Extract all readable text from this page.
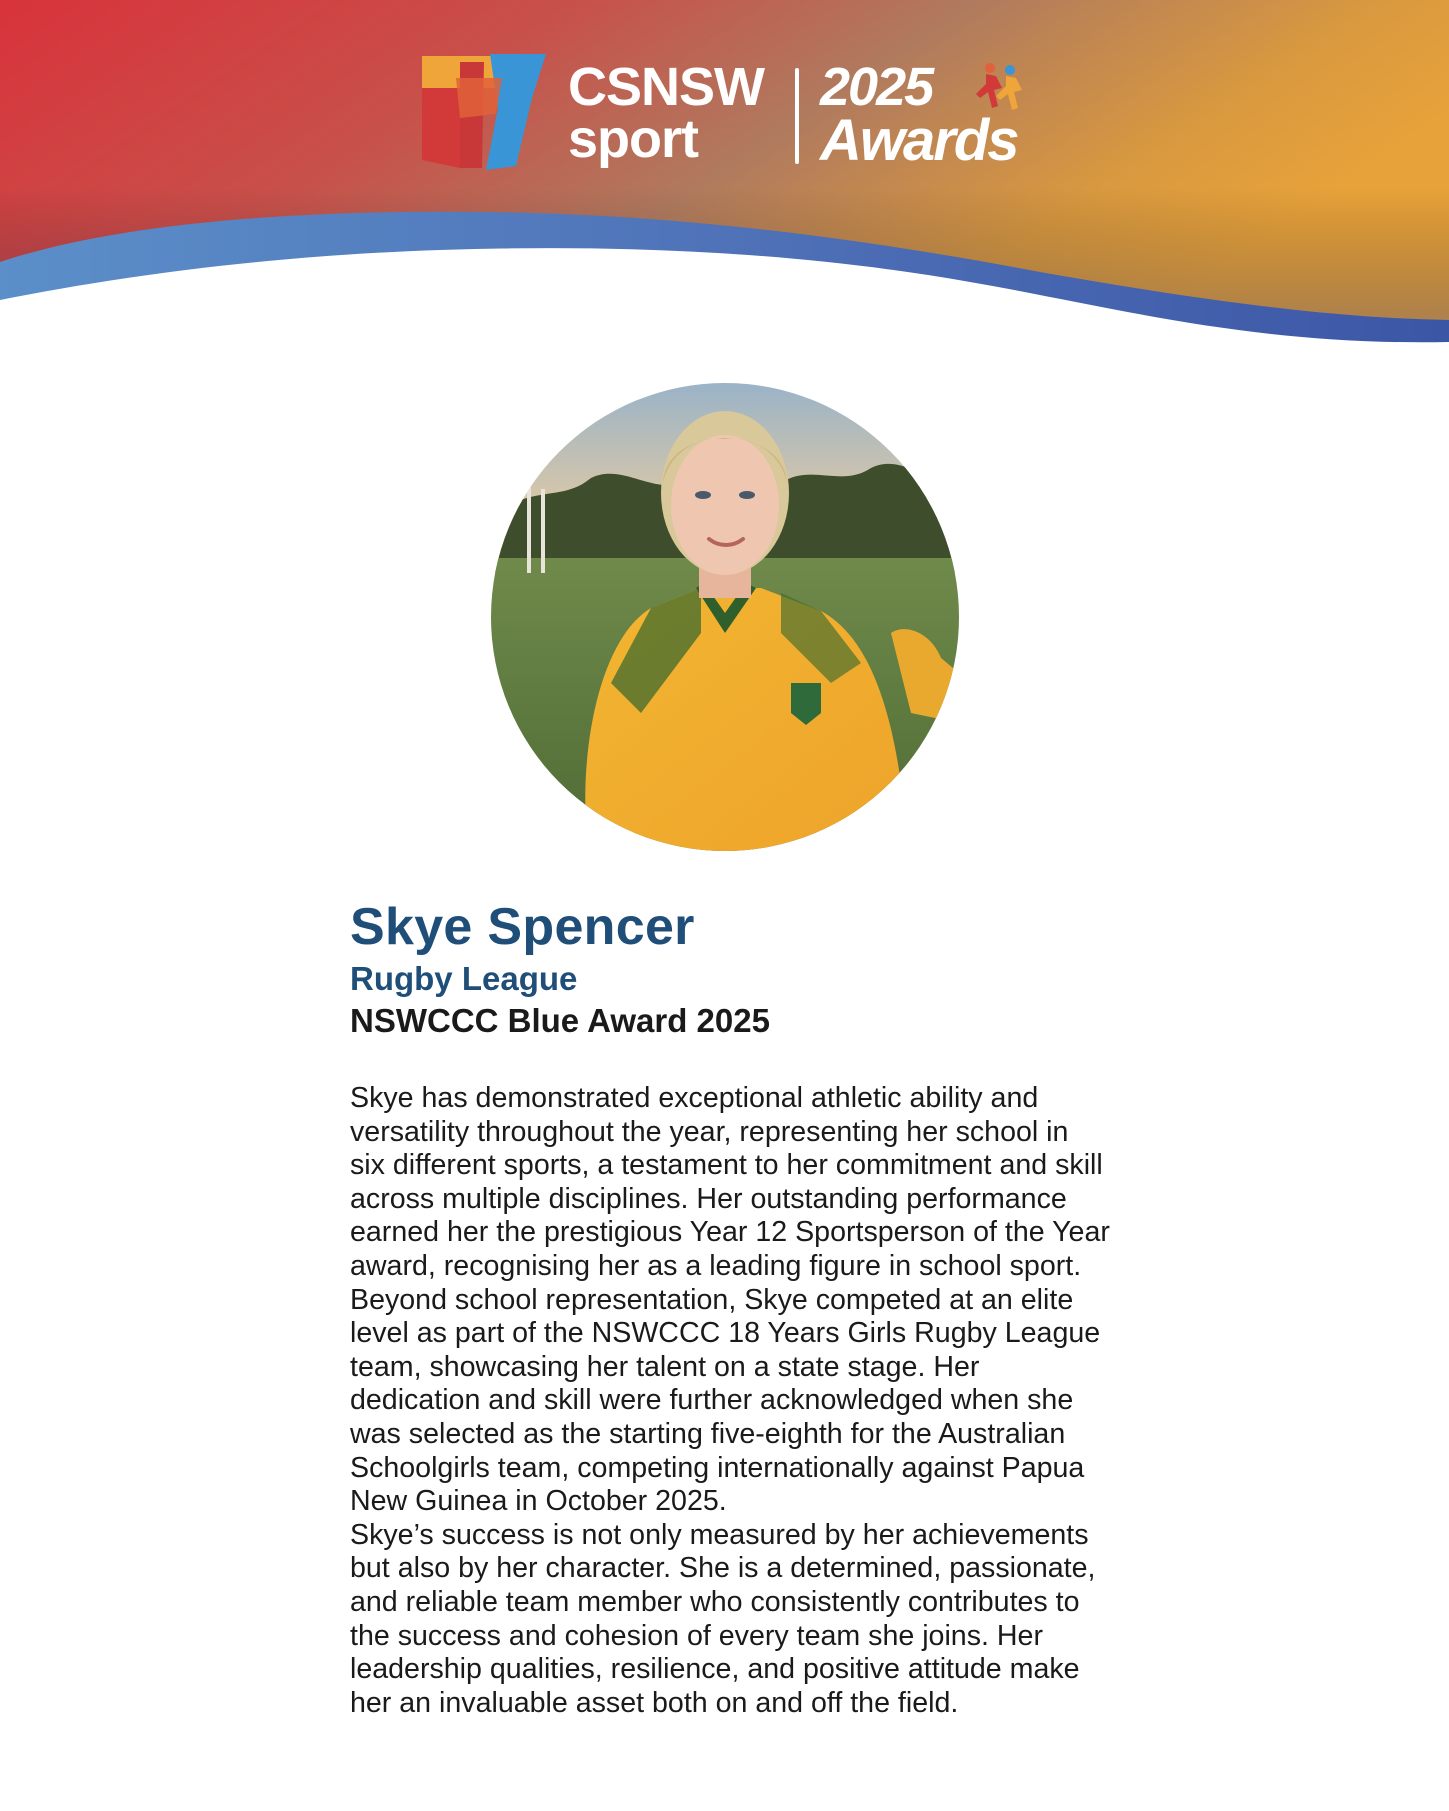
CSNSW
sport
2025
Awards
Skye Spencer

Rugby League

NSWCCC Blue Award 2025

Skye has demonstrated exceptional athletic ability and versatility throughout the year, representing her school in six different sports, a testament to her commitment and skill across multiple disciplines. Her outstanding performance earned her the prestigious Year 12 Sportsperson of the Year award, recognising her as a leading figure in school sport. Beyond school representation, Skye competed at an elite level as part of the NSWCCC 18 Years Girls Rugby League team, showcasing her talent on a state stage. Her dedication and skill were further acknowledged when she was selected as the starting five-eighth for the Australian Schoolgirls team, competing internationally against Papua New Guinea in October 2025.

Skye’s success is not only measured by her achievements but also by her character. She is a determined, passionate, and reliable team member who consistently contributes to the success and cohesion of every team she joins. Her leadership qualities, resilience, and positive attitude make her an invaluable asset both on and off the field.
